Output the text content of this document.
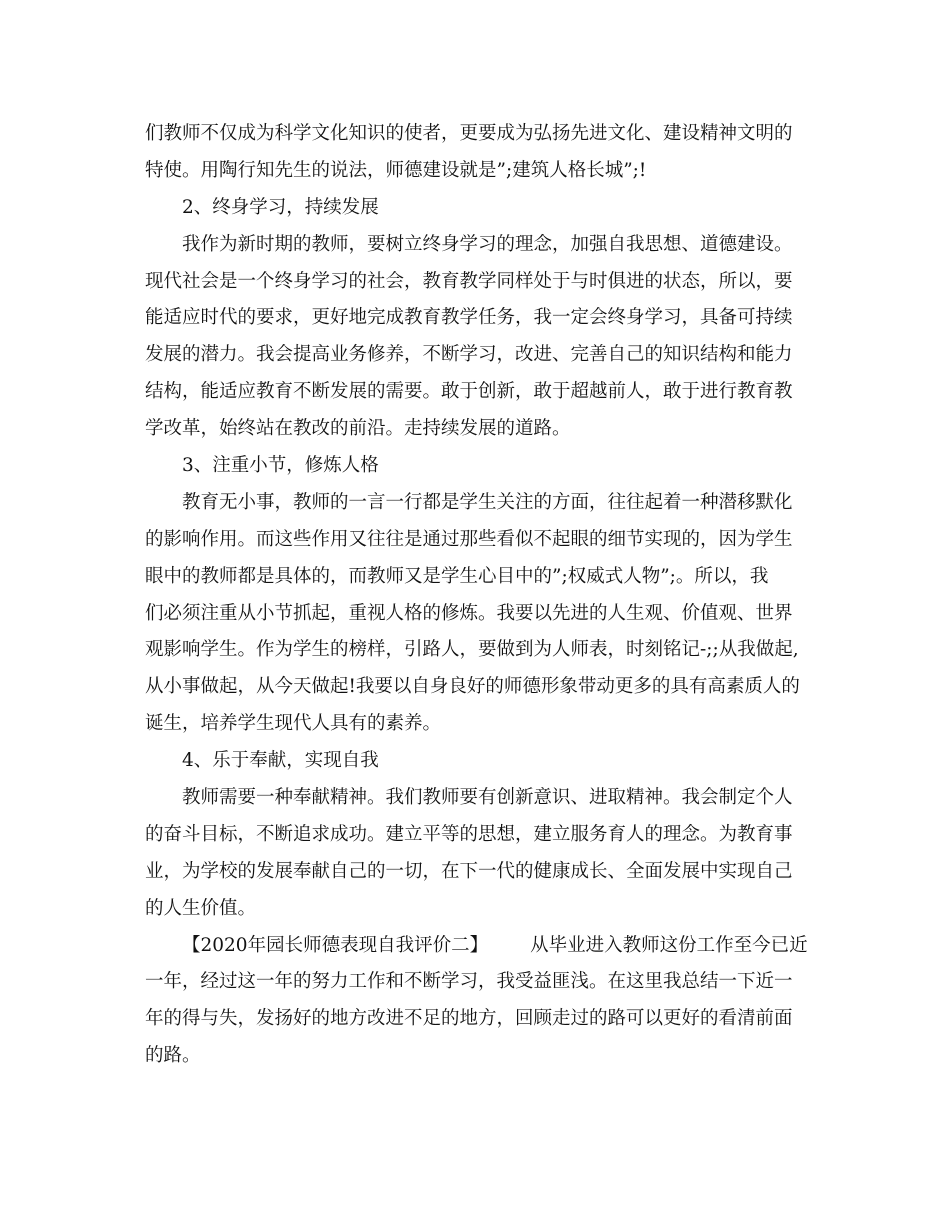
们教师不仅成为科学文化知识的使者，更要成为弘扬先进文化、建设精神文明的
特使。用陶行知先生的说法，师德建设就是”;建筑人格长城”;!
2、终身学习，持续发展
我作为新时期的教师，要树立终身学习的理念，加强自我思想、道德建设。
现代社会是一个终身学习的社会，教育教学同样处于与时俱进的状态，所以，要
能适应时代的要求，更好地完成教育教学任务，我一定会终身学习，具备可持续
发展的潜力。我会提高业务修养，不断学习，改进、完善自己的知识结构和能力
结构，能适应教育不断发展的需要。敢于创新，敢于超越前人，敢于进行教育教
学改革，始终站在教改的前沿。走持续发展的道路。
3、注重小节，修炼人格
教育无小事，教师的一言一行都是学生关注的方面，往往起着一种潜移默化
的影响作用。而这些作用又往往是通过那些看似不起眼的细节实现的，因为学生
眼中的教师都是具体的，而教师又是学生心目中的”;权威式人物”;。所以，我
们必须注重从小节抓起，重视人格的修炼。我要以先进的人生观、价值观、世界
观影响学生。作为学生的榜样，引路人，要做到为人师表，时刻铭记-;;从我做起,
从小事做起，从今天做起!我要以自身良好的师德形象带动更多的具有高素质人的
诞生，培养学生现代人具有的素养。
4、乐于奉献，实现自我
教师需要一种奉献精神。我们教师要有创新意识、进取精神。我会制定个人
的奋斗目标，不断追求成功。建立平等的思想，建立服务育人的理念。为教育事
业，为学校的发展奉献自己的一切，在下一代的健康成长、全面发展中实现自己
的人生价值。
【2020年园长师德表现自我评价二】 从毕业进入教师这份工作至今已近
一年，经过这一年的努力工作和不断学习，我受益匪浅。在这里我总结一下近一
年的得与失，发扬好的地方改进不足的地方，回顾走过的路可以更好的看清前面
的路。
